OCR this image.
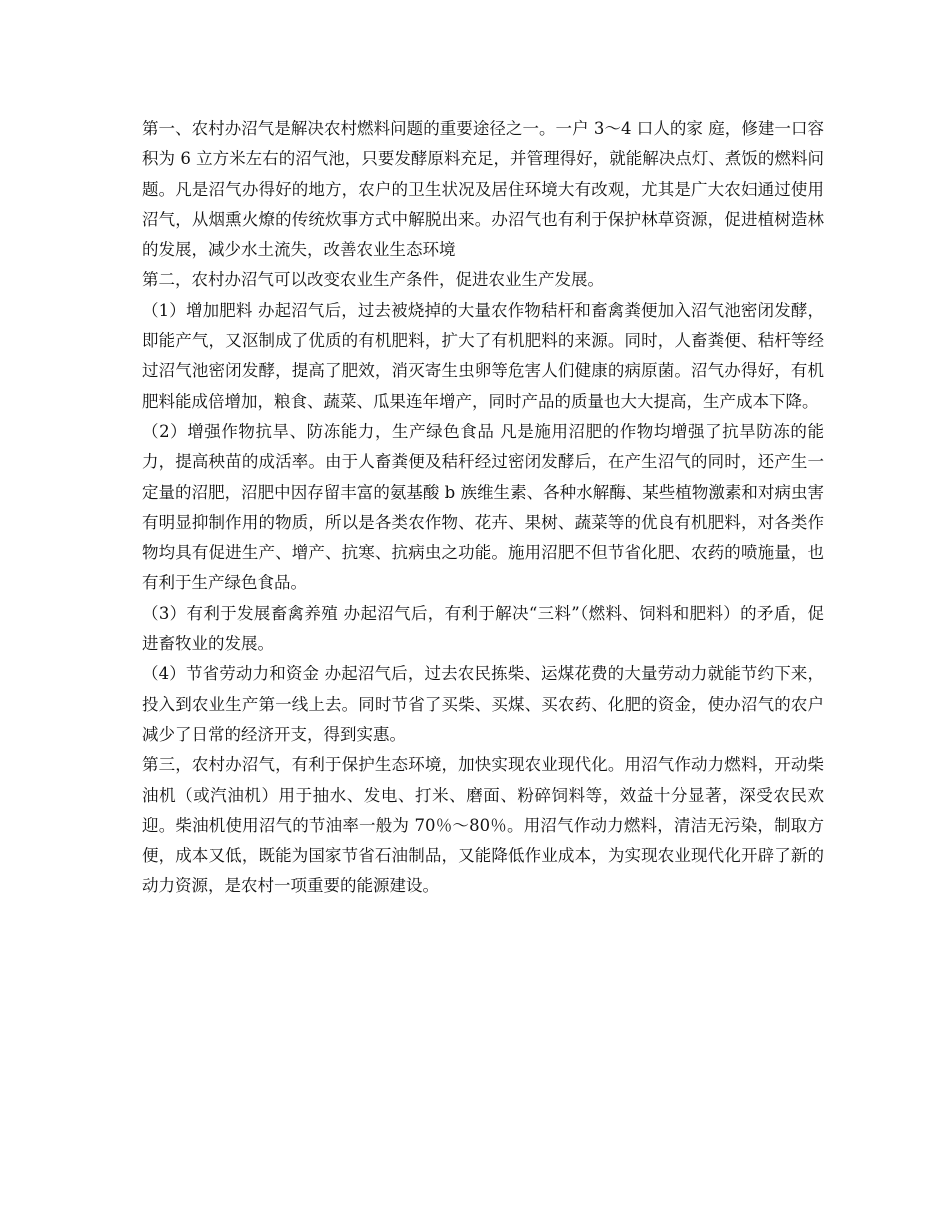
第一、农村办沼气是解决农村燃料问题的重要途径之一。一户 3～4 口人的家 庭，修建一口容积为 6 立方米左右的沼气池，只要发酵原料充足，并管理得好，就能解决点灯、煮饭的燃料问题。凡是沼气办得好的地方，农户的卫生状况及居住环境大有改观，尤其是广大农妇通过使用沼气，从烟熏火燎的传统炊事方式中解脱出来。办沼气也有利于保护林草资源，促进植树造林的发展，减少水土流失，改善农业生态环境

第二，农村办沼气可以改变农业生产条件，促进农业生产发展。

（1）增加肥料 办起沼气后，过去被烧掉的大量农作物秸杆和畜禽粪便加入沼气池密闭发酵，即能产气，又沤制成了优质的有机肥料，扩大了有机肥料的来源。同时，人畜粪便、秸杆等经过沼气池密闭发酵，提高了肥效，消灭寄生虫卵等危害人们健康的病原菌。沼气办得好，有机肥料能成倍增加，粮食、蔬菜、瓜果连年增产，同时产品的质量也大大提高，生产成本下降。

（2）增强作物抗旱、防冻能力，生产绿色食品 凡是施用沼肥的作物均增强了抗旱防冻的能力，提高秧苗的成活率。由于人畜粪便及秸秆经过密闭发酵后，在产生沼气的同时，还产生一定量的沼肥，沼肥中因存留丰富的氨基酸 b 族维生素、各种水解酶、某些植物激素和对病虫害有明显抑制作用的物质，所以是各类农作物、花卉、果树、蔬菜等的优良有机肥料，对各类作物均具有促进生产、增产、抗寒、抗病虫之功能。施用沼肥不但节省化肥、农药的喷施量，也有利于生产绿色食品。

（3）有利于发展畜禽养殖 办起沼气后，有利于解决“三料”（燃料、饲料和肥料）的矛盾，促进畜牧业的发展。

（4）节省劳动力和资金 办起沼气后，过去农民拣柴、运煤花费的大量劳动力就能节约下来，投入到农业生产第一线上去。同时节省了买柴、买煤、买农药、化肥的资金，使办沼气的农户减少了日常的经济开支，得到实惠。

第三，农村办沼气，有利于保护生态环境，加快实现农业现代化。用沼气作动力燃料，开动柴油机（或汽油机）用于抽水、发电、打米、磨面、粉碎饲料等，效益十分显著，深受农民欢迎。柴油机使用沼气的节油率一般为 70％～80％。用沼气作动力燃料，清洁无污染，制取方便，成本又低，既能为国家节省石油制品，又能降低作业成本，为实现农业现代化开辟了新的动力资源，是农村一项重要的能源建设。
